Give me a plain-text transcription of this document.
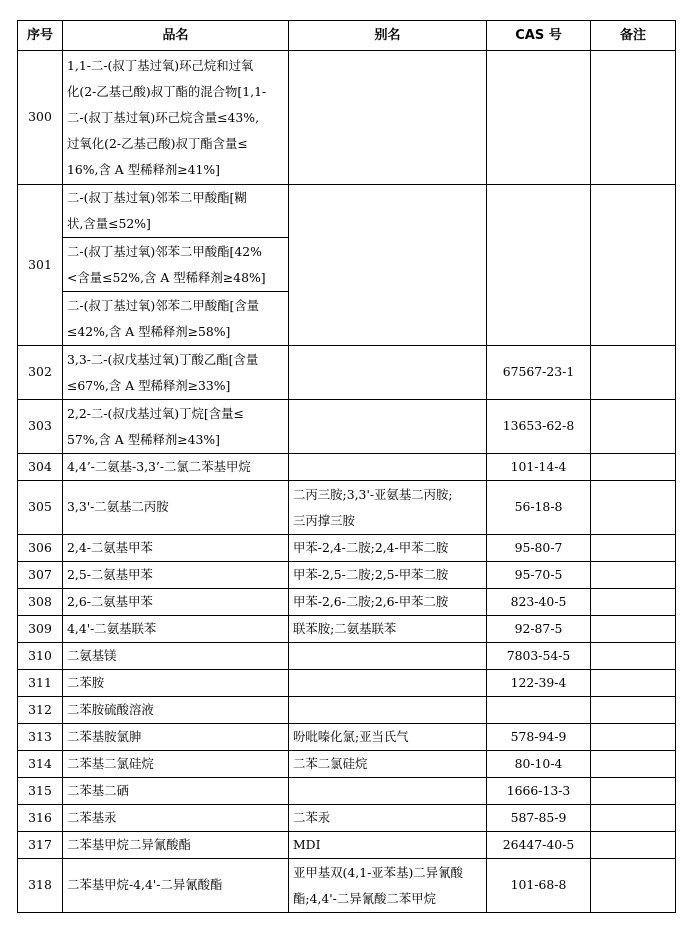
序号	品名	别名	CAS 号	备注
300	1,1-二-(叔丁基过氧)环己烷和过氧
化(2-乙基己酸)叔丁酯的混合物[1,1-
二-(叔丁基过氧)环己烷含量≤43%,
过氧化(2-乙基己酸)叔丁酯含量≤
16%,含 A 型稀释剂≥41%]			

301	二-(叔丁基过氧)邻苯二甲酸酯[糊
状,含量≤52%]			

	二-(叔丁基过氧)邻苯二甲酸酯[42%
<含量≤52%,含 A 型稀释剂≥48%]			

	二-(叔丁基过氧)邻苯二甲酸酯[含量
≤42%,含 A 型稀释剂≥58%]			

302	3,3-二-(叔戊基过氧)丁酸乙酯[含量
≤67%,含 A 型稀释剂≥33%]		67567-23-1	
303	2,2-二-(叔戊基过氧)丁烷[含量≤
57%,含 A 型稀释剂≥43%]		13653-62-8	
304	4,4’-二氨基-3,3’-二氯二苯基甲烷		101-14-4	
305	3,3'-二氨基二丙胺	二丙三胺;3,3'-亚氨基二丙胺;
三丙撑三胺	56-18-8	
306	2,4-二氨基甲苯	甲苯-2,4-二胺;2,4-甲苯二胺	95-80-7	
307	2,5-二氨基甲苯	甲苯-2,5-二胺;2,5-甲苯二胺	95-70-5	
308	2,6-二氨基甲苯	甲苯-2,6-二胺;2,6-甲苯二胺	823-40-5	
309	4,4'-二氨基联苯	联苯胺;二氨基联苯	92-87-5	
310	二氨基镁		7803-54-5	
311	二苯胺		122-39-4	
312	二苯胺硫酸溶液			
313	二苯基胺氯胂	吩吡嗪化氯;亚当氏气	578-94-9	
314	二苯基二氯硅烷	二苯二氯硅烷	80-10-4	
315	二苯基二硒		1666-13-3	
316	二苯基汞	二苯汞	587-85-9	
317	二苯基甲烷二异氰酸酯	MDI	26447-40-5	
318	二苯基甲烷-4,4'-二异氰酸酯	亚甲基双(4,1-亚苯基)二异氰酸
酯;4,4'-二异氰酸二苯甲烷	101-68-8	
